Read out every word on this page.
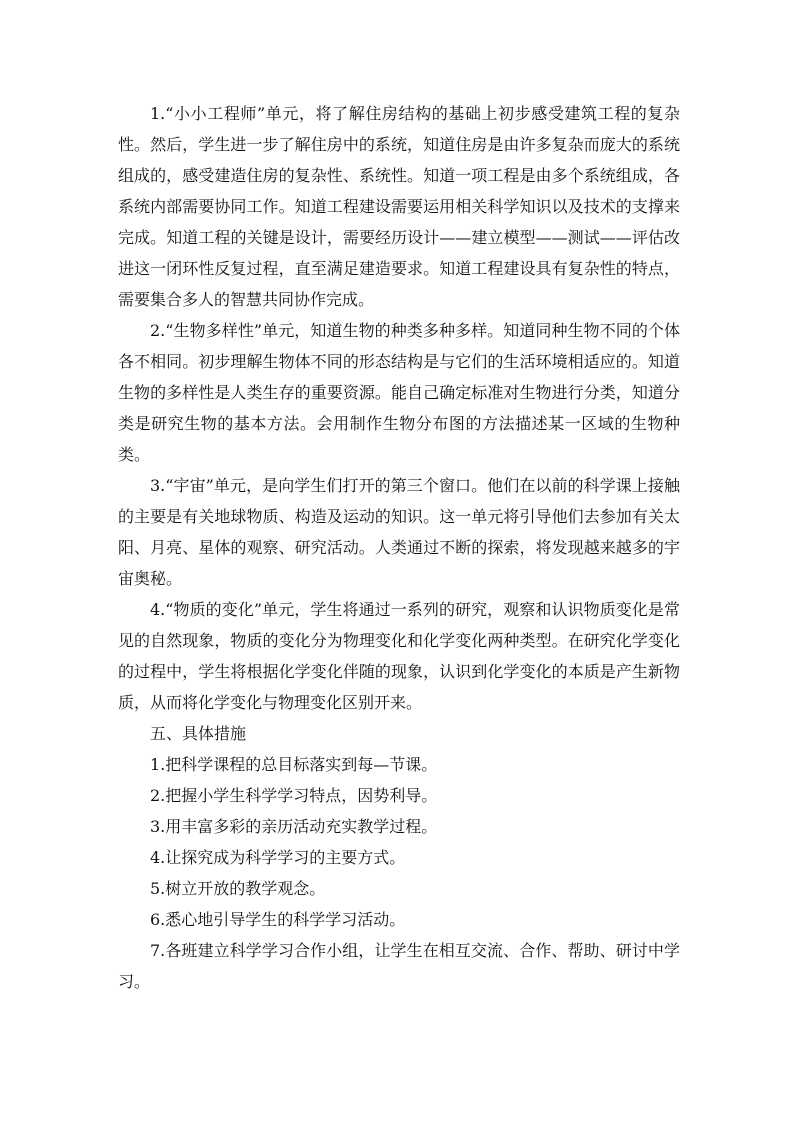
1.“小小工程师”单元，将了解住房结构的基础上初步感受建筑工程的复杂性。然后，学生进一步了解住房中的系统，知道住房是由许多复杂而庞大的系统组成的，感受建造住房的复杂性、系统性。知道一项工程是由多个系统组成，各系统内部需要协同工作。知道工程建设需要运用相关科学知识以及技术的支撑来完成。知道工程的关键是设计，需要经历设计——建立模型——测试——评估改进这一闭环性反复过程，直至满足建造要求。知道工程建设具有复杂性的特点，需要集合多人的智慧共同协作完成。

2.“生物多样性”单元，知道生物的种类多种多样。知道同种生物不同的个体各不相同。初步理解生物体不同的形态结构是与它们的生活环境相适应的。知道生物的多样性是人类生存的重要资源。能自己确定标准对生物进行分类，知道分类是研究生物的基本方法。会用制作生物分布图的方法描述某一区域的生物种类。

3.“宇宙”单元，是向学生们打开的第三个窗口。他们在以前的科学课上接触的主要是有关地球物质、构造及运动的知识。这一单元将引导他们去参加有关太阳、月亮、星体的观察、研究活动。人类通过不断的探索，将发现越来越多的宇宙奥秘。

4.“物质的变化”单元，学生将通过一系列的研究，观察和认识物质变化是常见的自然现象，物质的变化分为物理变化和化学变化两种类型。在研究化学变化的过程中，学生将根据化学变化伴随的现象，认识到化学变化的本质是产生新物质，从而将化学变化与物理变化区别开来。

五、具体措施

1.把科学课程的总目标落实到每—节课。

2.把握小学生科学学习特点，因势利导。

3.用丰富多彩的亲历活动充实教学过程。

4.让探究成为科学学习的主要方式。

5.树立开放的教学观念。

6.悉心地引导学生的科学学习活动。

7.各班建立科学学习合作小组，让学生在相互交流、合作、帮助、研讨中学习。
